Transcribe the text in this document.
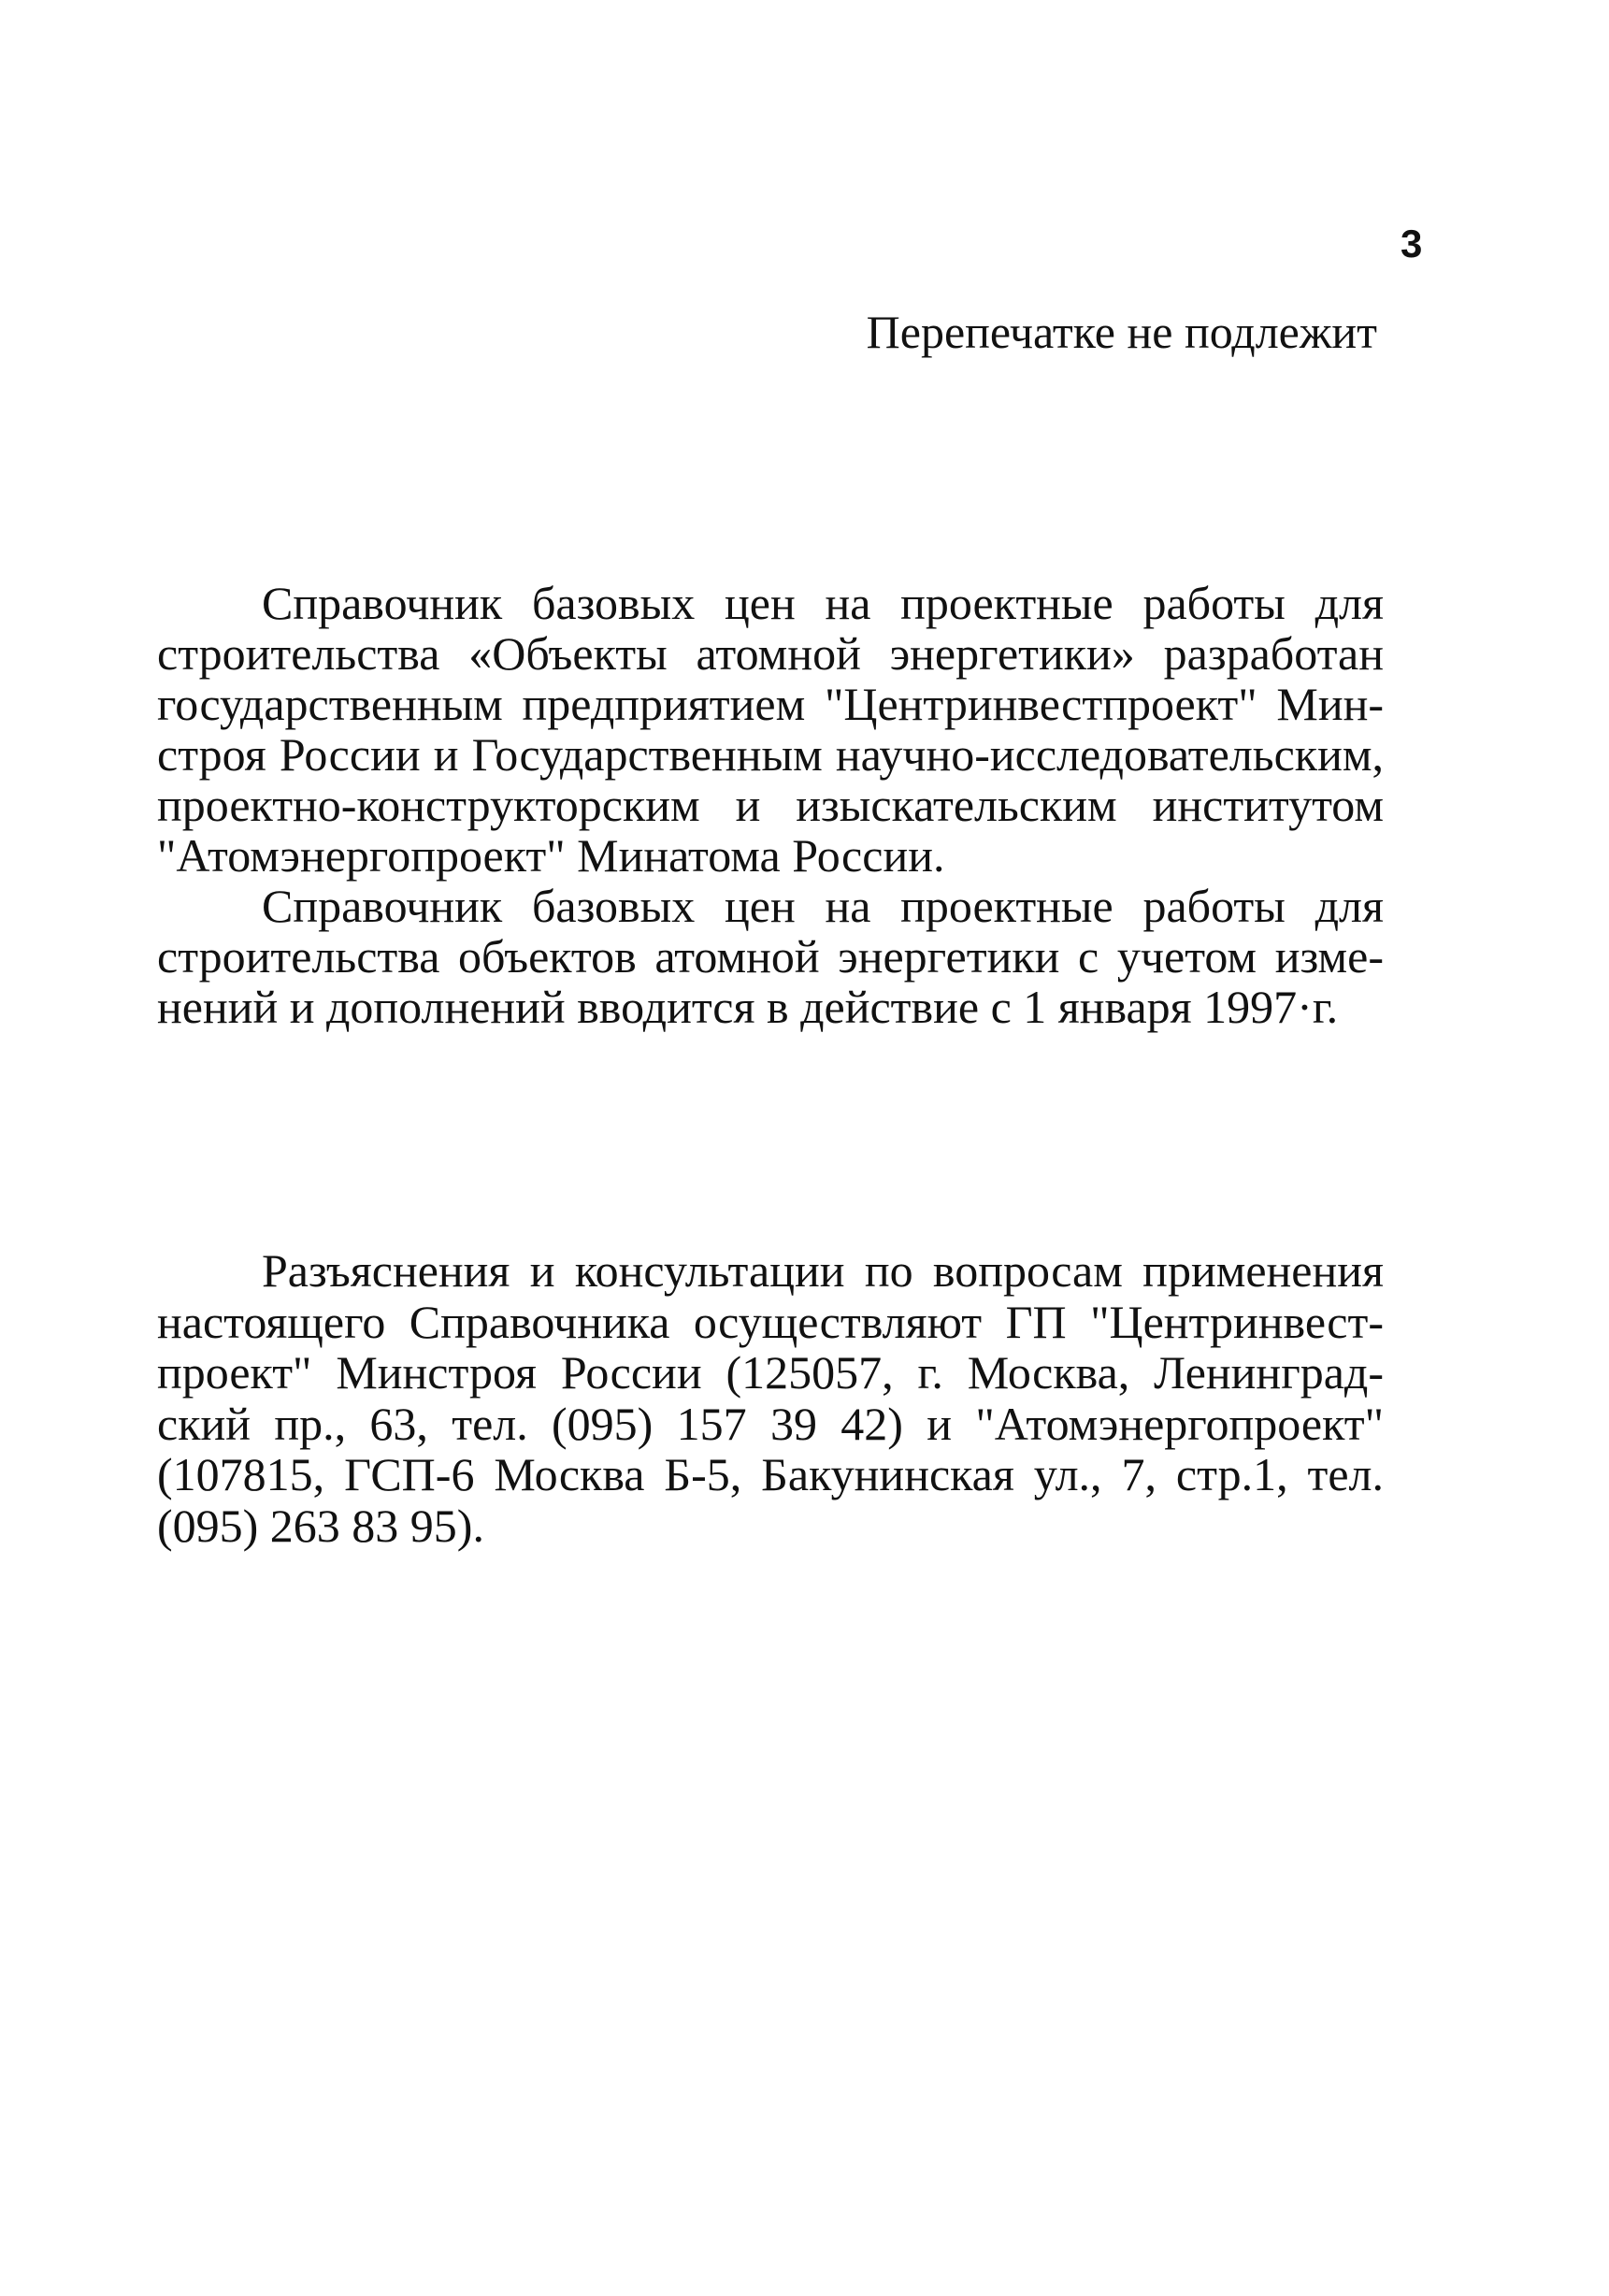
3
Перепечатке не подлежит

Справочник базовых цен на проектные работы для строительства «Объекты атомной энергетики» разработан государственным предприятием "Центринвестпроект" Минстроя России и Государственным научно-исследовательским, проектно-конструкторским и изыскательским институтом "Атомэнергопроект" Минатома России.

Справочник базовых цен на проектные работы для строительства объектов атомной энергетики с учетом изменений и дополнений вводится в действие с 1 января 1997·г.

Разъяснения и консультации по вопросам применения настоящего Справочника осуществляют ГП "Центринвестпроект" Минстроя России (125057, г. Москва, Ленинградский пр., 63, тел. (095) 157 39 42) и "Атомэнергопроект" (107815, ГСП-6 Москва Б-5, Бакунинская ул., 7, стр.1, тел. (095) 263 83 95).
